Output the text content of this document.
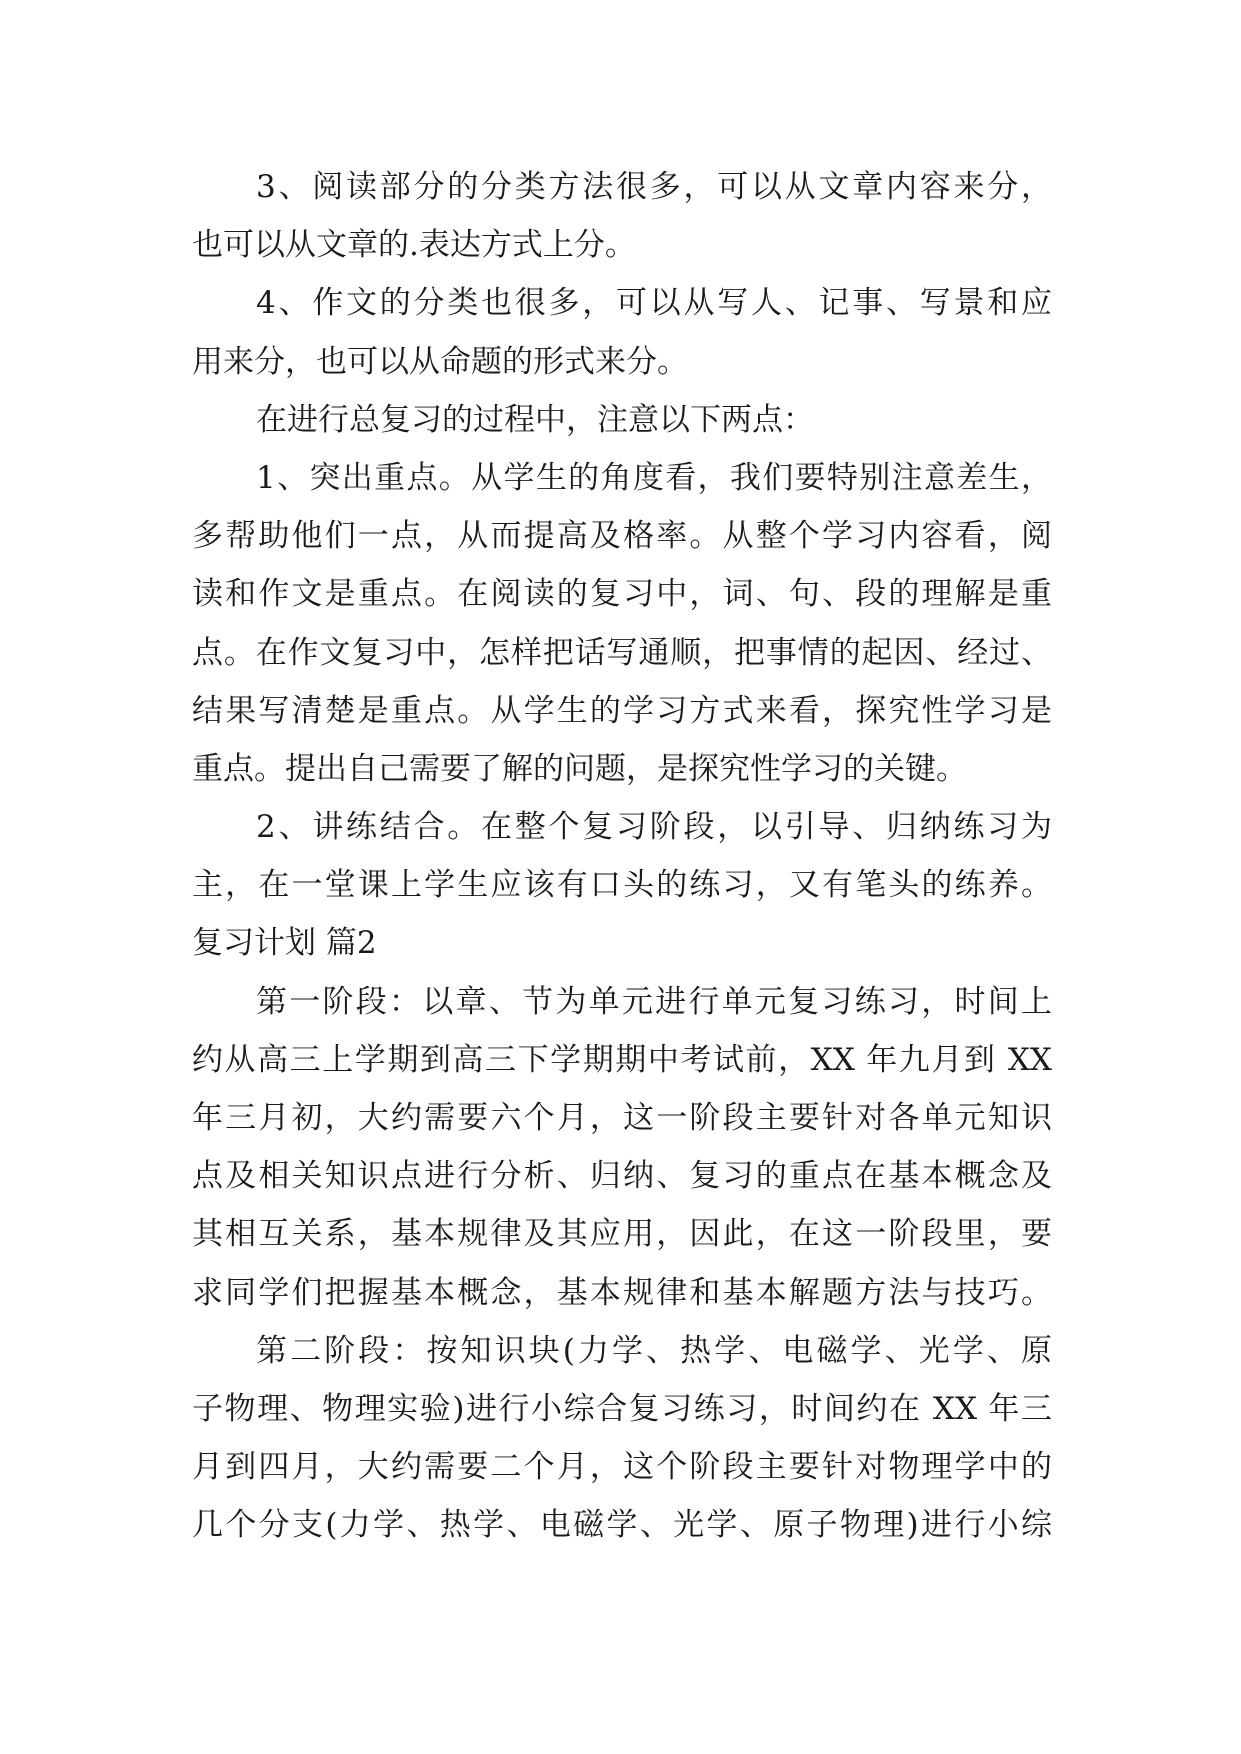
3、阅读部分的分类方法很多，可以从文章内容来分，
也可以从文章的.表达方式上分。
4、作文的分类也很多，可以从写人、记事、写景和应
用来分，也可以从命题的形式来分。
在进行总复习的过程中，注意以下两点：
1、突出重点。从学生的角度看，我们要特别注意差生，
多帮助他们一点，从而提高及格率。从整个学习内容看，阅
读和作文是重点。在阅读的复习中，词、句、段的理解是重
点。在作文复习中，怎样把话写通顺，把事情的起因、经过、
结果写清楚是重点。从学生的学习方式来看，探究性学习是
重点。提出自己需要了解的问题，是探究性学习的关键。
2、讲练结合。在整个复习阶段，以引导、归纳练习为
主，在一堂课上学生应该有口头的练习，又有笔头的练养。
复习计划 篇2
第一阶段：以章、节为单元进行单元复习练习，时间上
约从高三上学期到高三下学期期中考试前，XX 年九月到 XX
年三月初，大约需要六个月，这一阶段主要针对各单元知识
点及相关知识点进行分析、归纳、复习的重点在基本概念及
其相互关系，基本规律及其应用，因此，在这一阶段里，要
求同学们把握基本概念，基本规律和基本解题方法与技巧。
第二阶段：按知识块(力学、热学、电磁学、光学、原
子物理、物理实验)进行小综合复习练习，时间约在 XX 年三
月到四月，大约需要二个月，这个阶段主要针对物理学中的
几个分支(力学、热学、电磁学、光学、原子物理)进行小综
